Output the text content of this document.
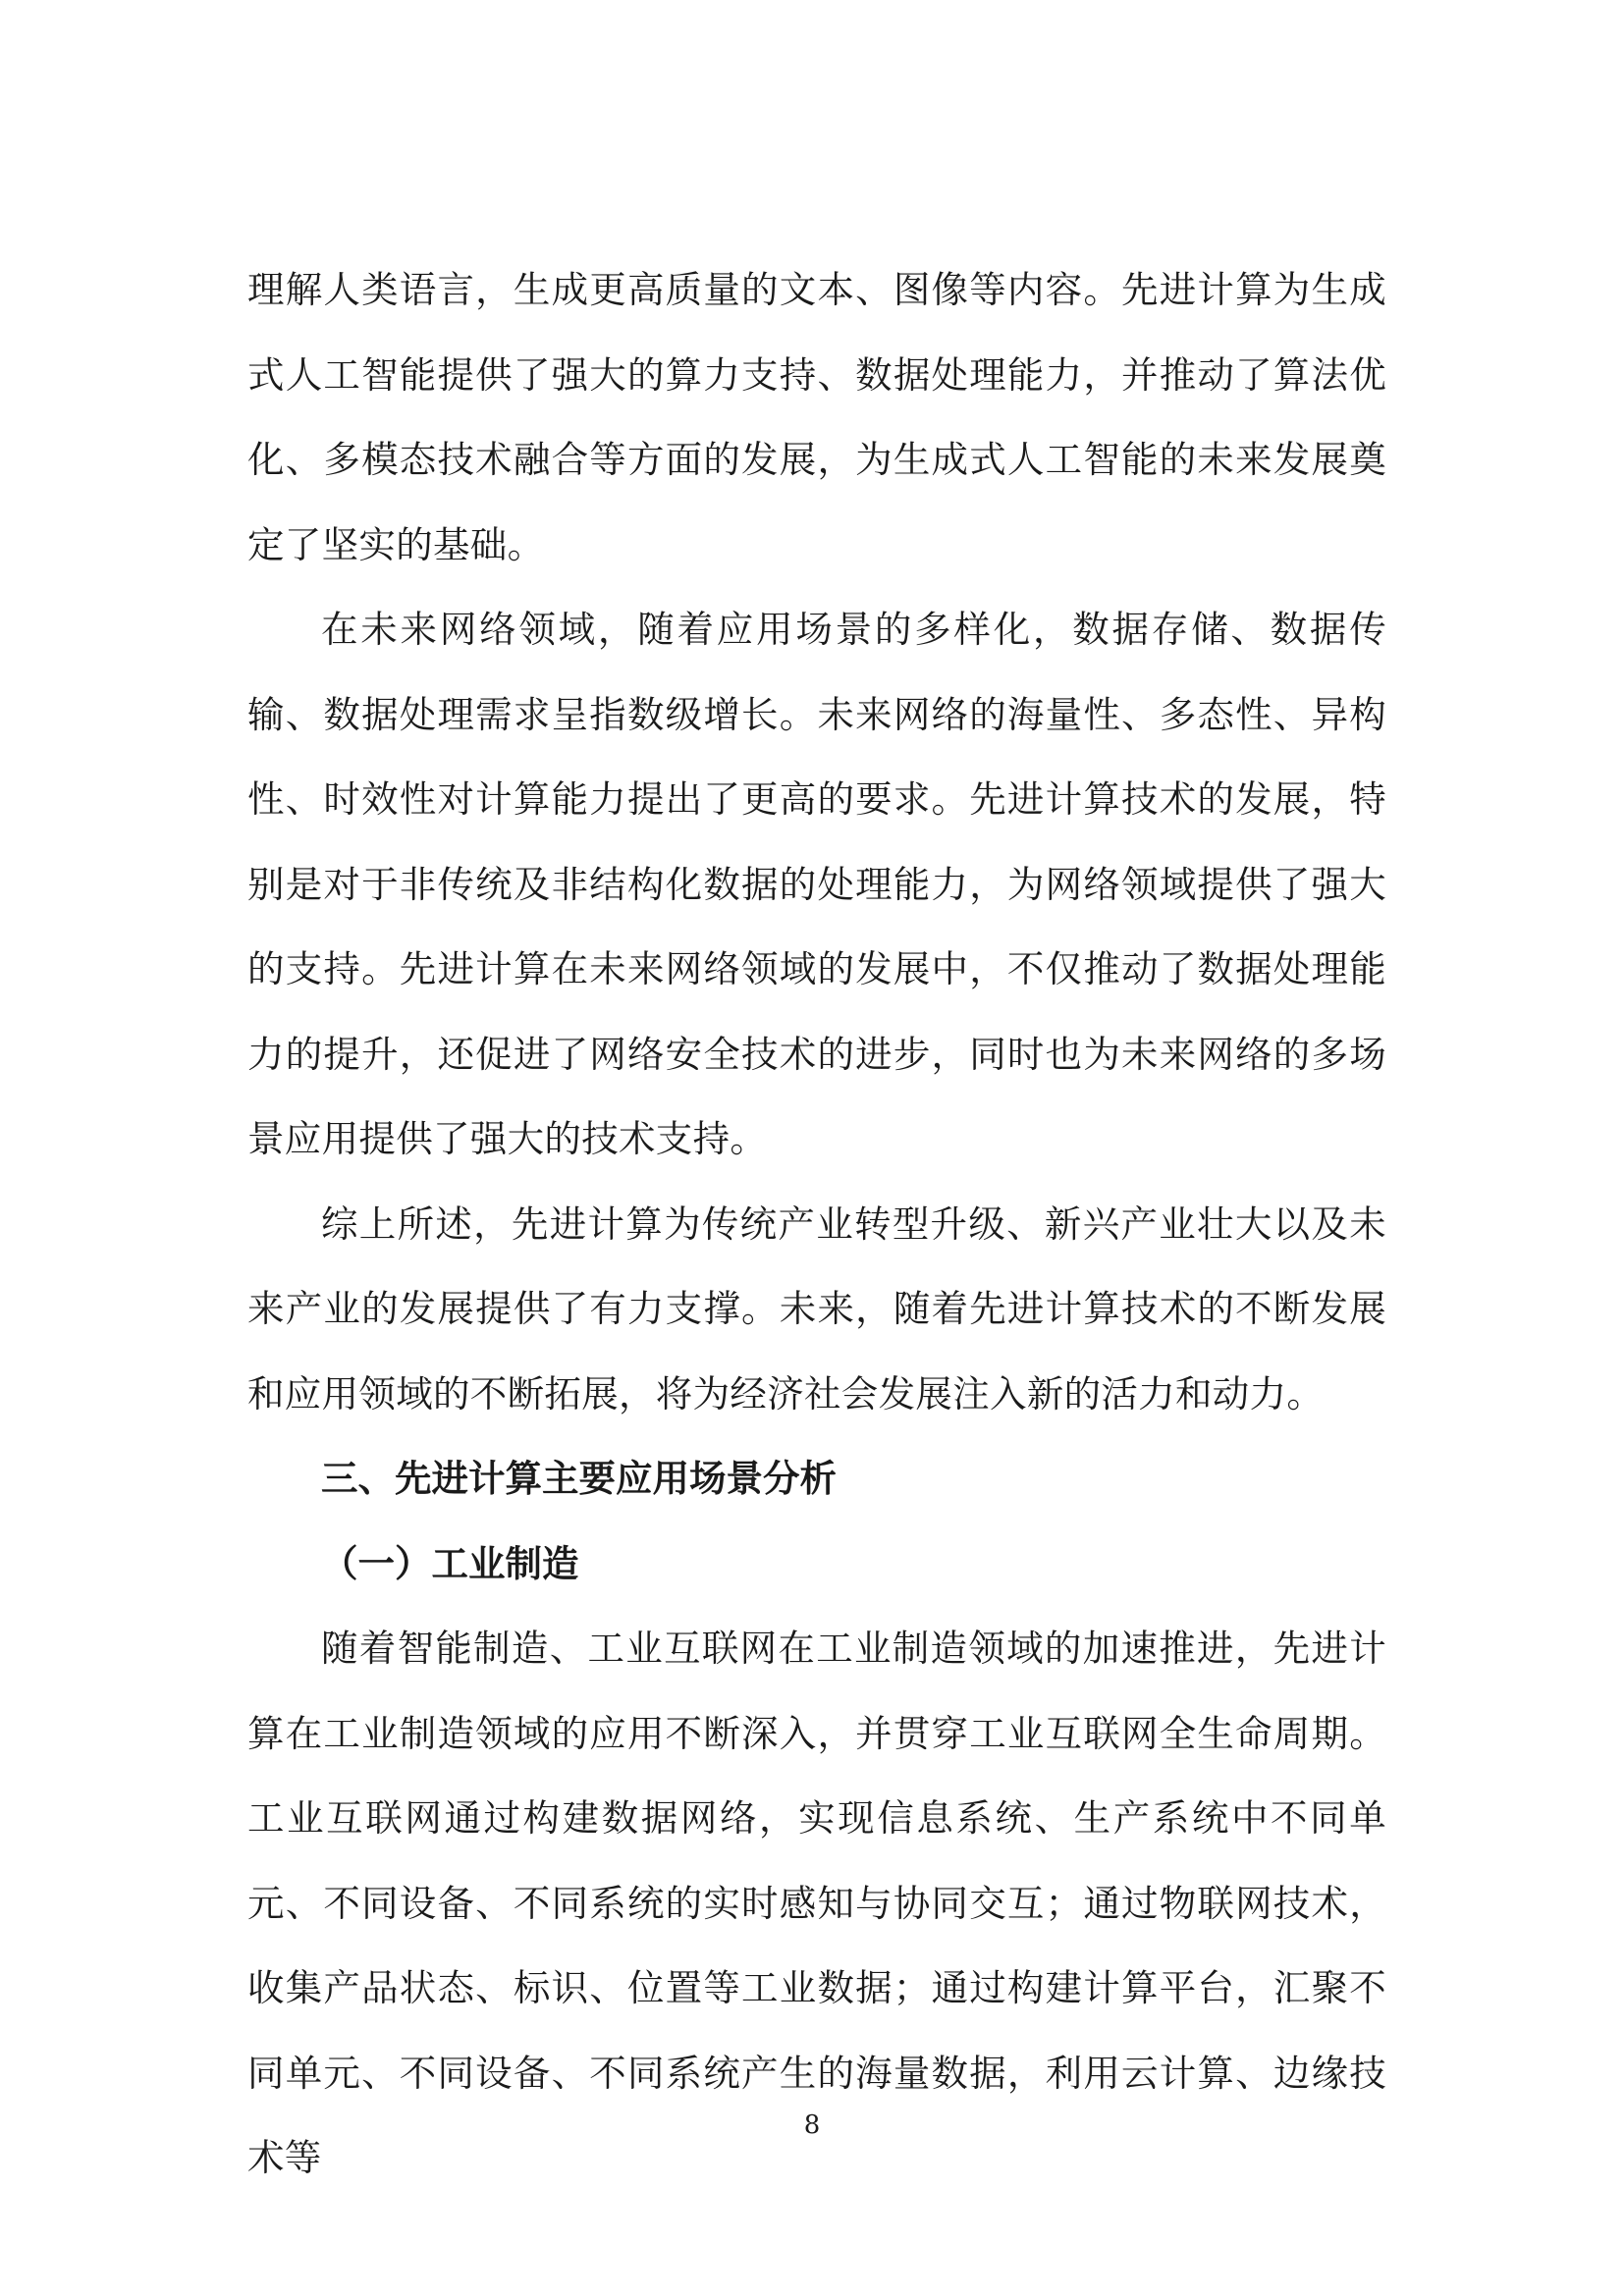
理解人类语言，生成更高质量的文本、图像等内容。先进计算为生成式人工智能提供了强大的算力支持、数据处理能力，并推动了算法优化、多模态技术融合等方面的发展，为生成式人工智能的未来发展奠定了坚实的基础。

在未来网络领域，随着应用场景的多样化，数据存储、数据传输、数据处理需求呈指数级增长。未来网络的海量性、多态性、异构性、时效性对计算能力提出了更高的要求。先进计算技术的发展，特别是对于非传统及非结构化数据的处理能力，为网络领域提供了强大的支持。先进计算在未来网络领域的发展中，不仅推动了数据处理能力的提升，还促进了网络安全技术的进步，同时也为未来网络的多场景应用提供了强大的技术支持。

综上所述，先进计算为传统产业转型升级、新兴产业壮大以及未来产业的发展提供了有力支撑。未来，随着先进计算技术的不断发展和应用领域的不断拓展，将为经济社会发展注入新的活力和动力。

三、先进计算主要应用场景分析

（一）工业制造

随着智能制造、工业互联网在工业制造领域的加速推进，先进计算在工业制造领域的应用不断深入，并贯穿工业互联网全生命周期。工业互联网通过构建数据网络，实现信息系统、生产系统中不同单元、不同设备、不同系统的实时感知与协同交互；通过物联网技术，收集产品状态、标识、位置等工业数据；通过构建计算平台，汇聚不同单元、不同设备、不同系统产生的海量数据，利用云计算、边缘技术等

8
